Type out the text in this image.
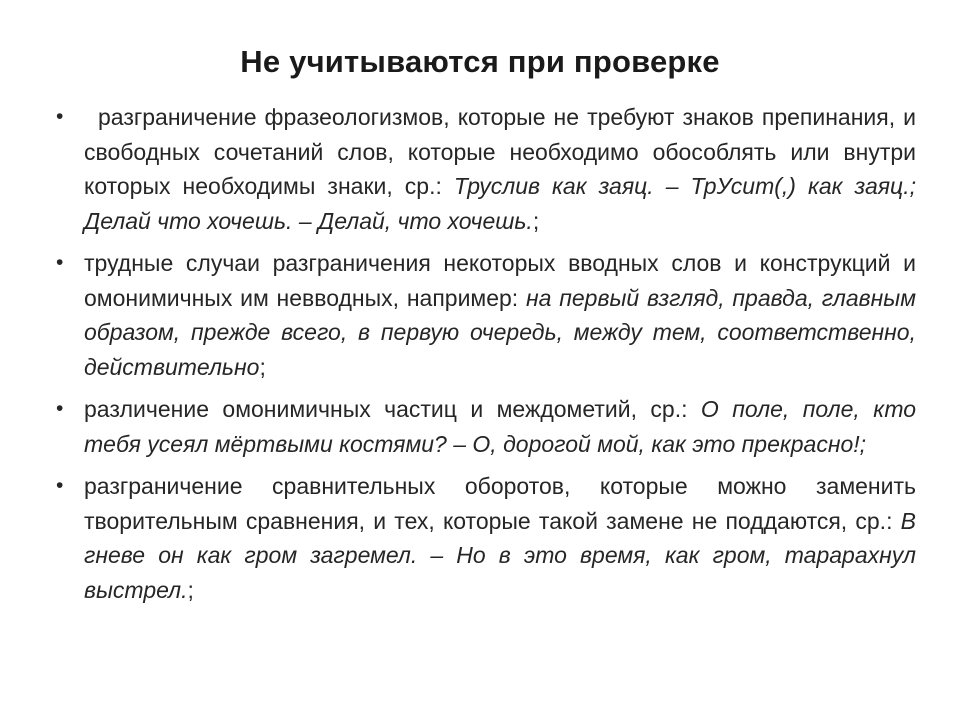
Не учитываются при проверке
• разграничение фразеологизмов, которые не требуют знаков препинания, и свободных сочетаний слов, которые необходимо обособлять или внутри которых необходимы знаки, ср.: Труслив как заяц. – ТрУсит(,) как заяц.; Делай что хочешь. – Делай, что хочешь.;
• трудные случаи разграничения некоторых вводных слов и конструкций и омонимичных им невводных, например: на первый взгляд, правда, главным образом, прежде всего, в первую очередь, между тем, соответственно, действительно;
• различение омонимичных частиц и междометий, ср.: О поле, поле, кто тебя усеял мёртвыми костями? – О, дорогой мой, как это прекрасно!;
• разграничение сравнительных оборотов, которые можно заменить творительным сравнения, и тех, которые такой замене не поддаются, ср.: В гневе он как гром загремел. – Но в это время, как гром, тарарахнул выстрел.;
